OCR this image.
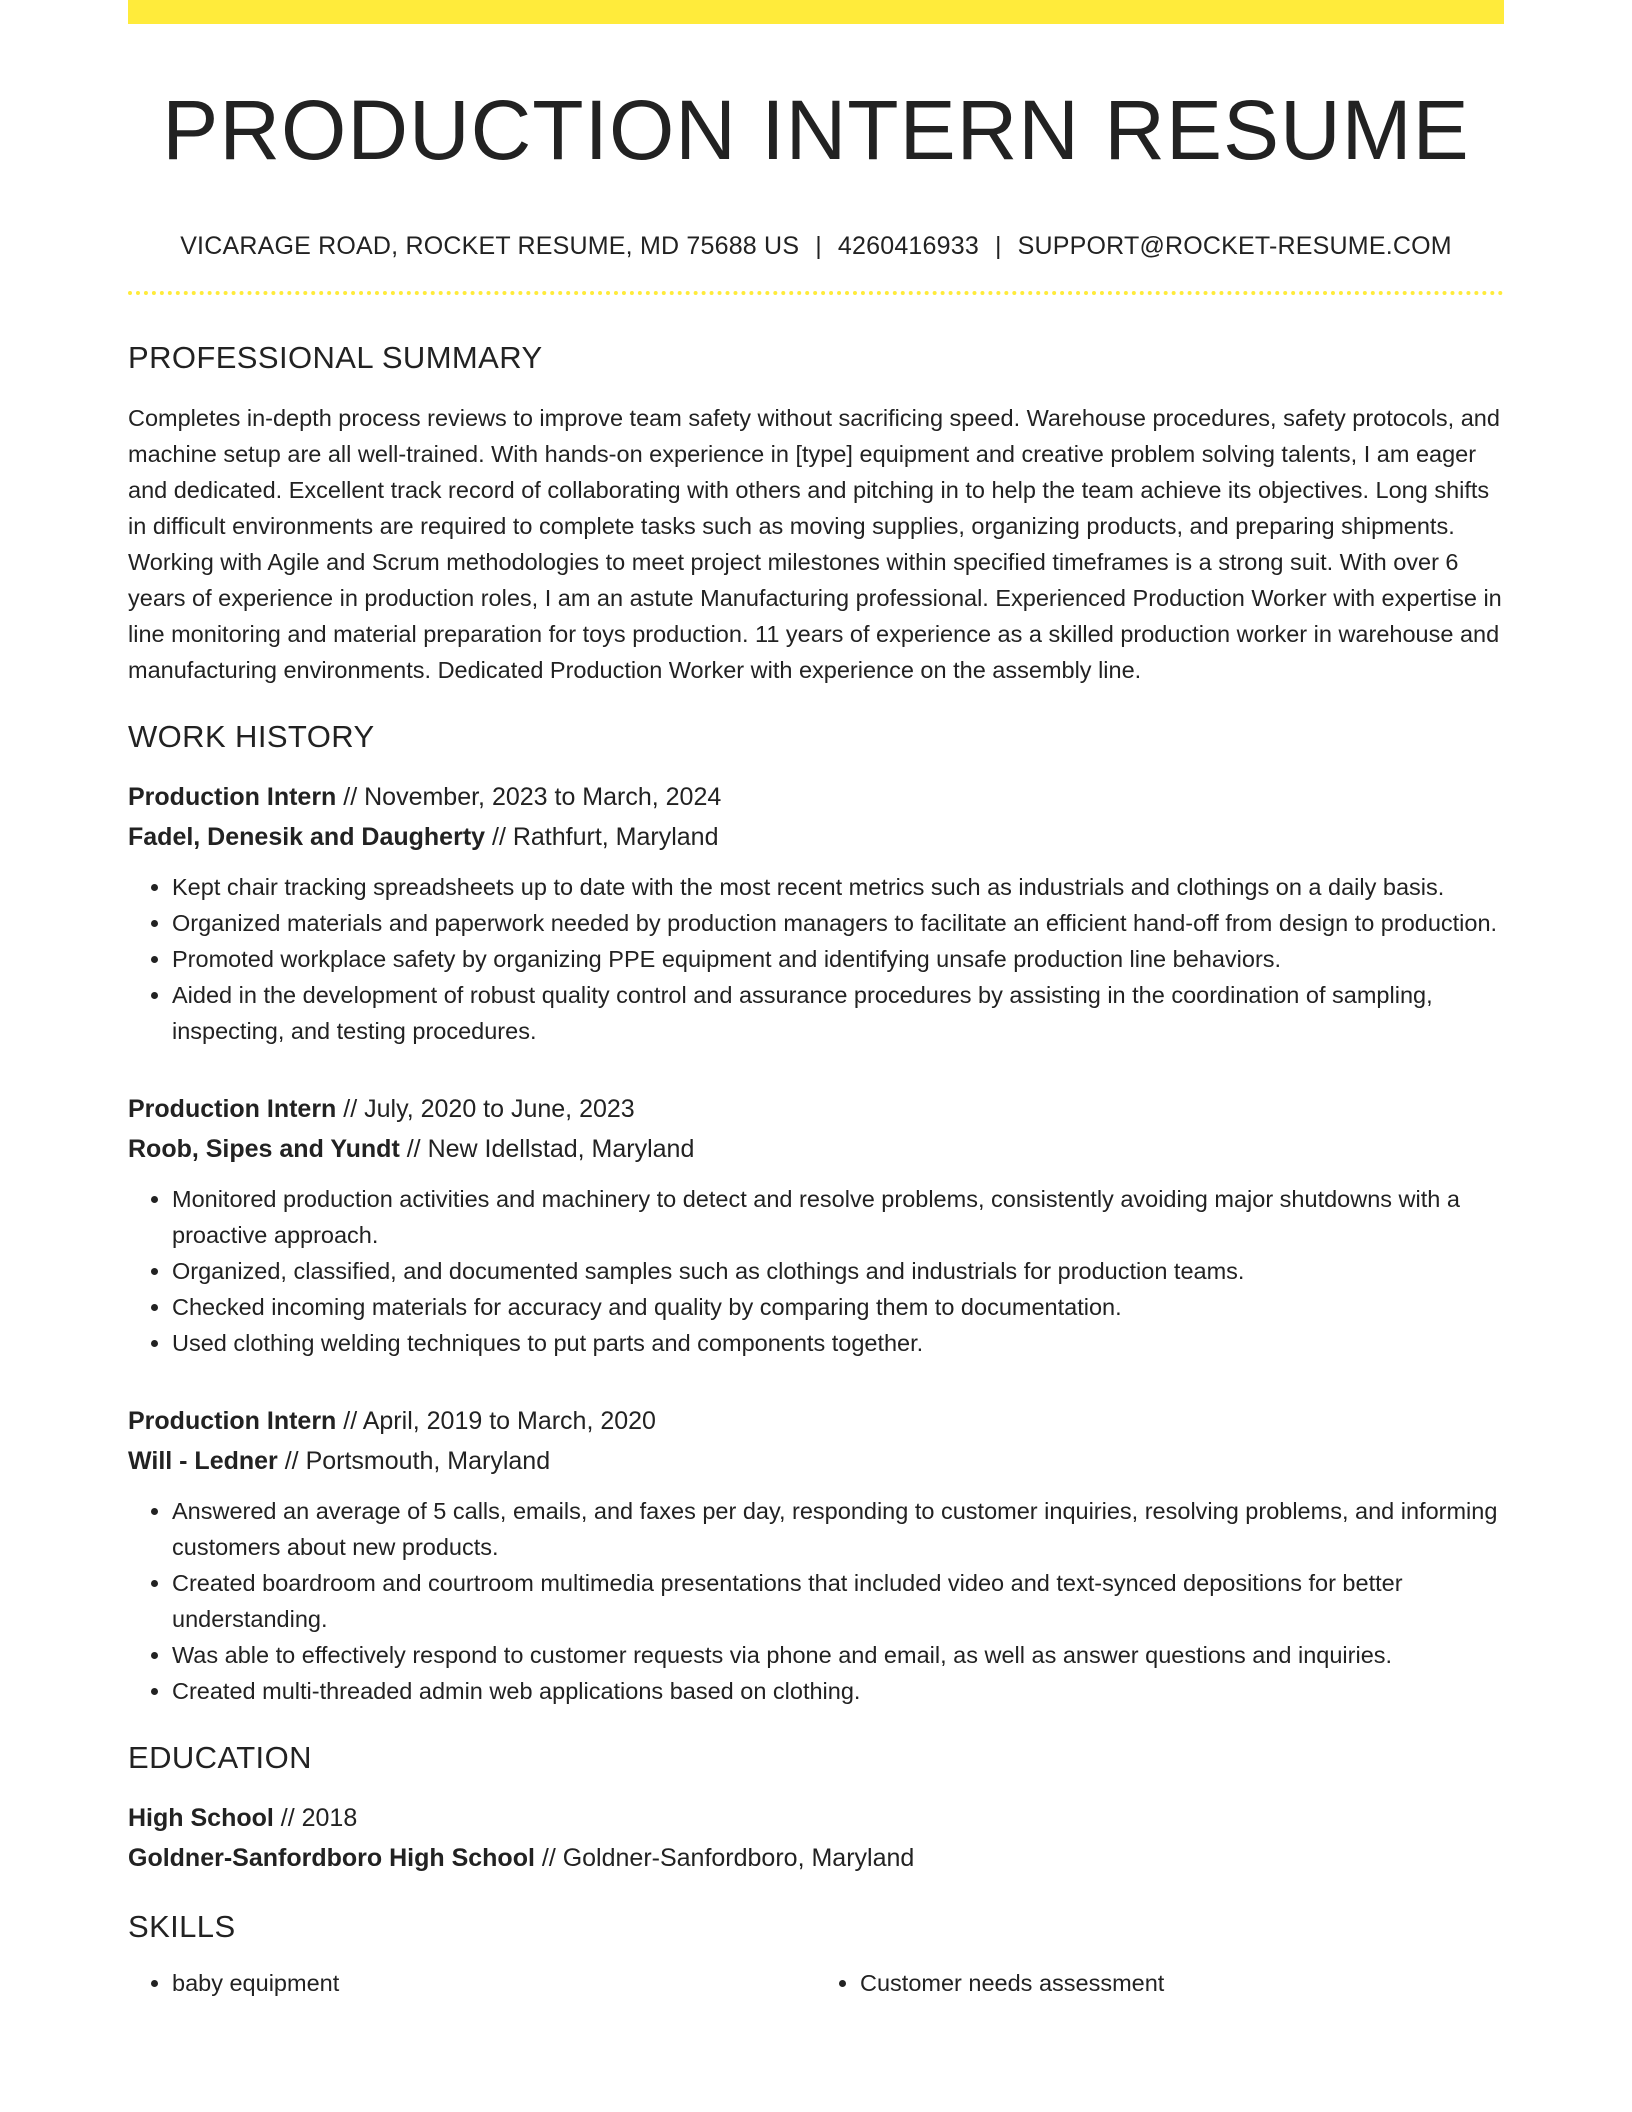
PRODUCTION INTERN RESUME
VICARAGE ROAD, ROCKET RESUME, MD 75688 US | 4260416933 | SUPPORT@ROCKET-RESUME.COM
PROFESSIONAL SUMMARY

Completes in-depth process reviews to improve team safety without sacrificing speed. Warehouse procedures, safety protocols, and machine setup are all well-trained. With hands-on experience in [type] equipment and creative problem solving talents, I am eager and dedicated. Excellent track record of collaborating with others and pitching in to help the team achieve its objectives. Long shifts in difficult environments are required to complete tasks such as moving supplies, organizing products, and preparing shipments. Working with Agile and Scrum methodologies to meet project milestones within specified timeframes is a strong suit. With over 6 years of experience in production roles, I am an astute Manufacturing professional. Experienced Production Worker with expertise in line monitoring and material preparation for toys production. 11 years of experience as a skilled production worker in warehouse and manufacturing environments. Dedicated Production Worker with experience on the assembly line.

WORK HISTORY
Production Intern // November, 2023 to March, 2024
Fadel, Denesik and Daugherty // Rathfurt, Maryland
• Kept chair tracking spreadsheets up to date with the most recent metrics such as industrials and clothings on a daily basis.
• Organized materials and paperwork needed by production managers to facilitate an efficient hand-off from design to production.
• Promoted workplace safety by organizing PPE equipment and identifying unsafe production line behaviors.
• Aided in the development of robust quality control and assurance procedures by assisting in the coordination of sampling, inspecting, and testing procedures.
Production Intern // July, 2020 to June, 2023
Roob, Sipes and Yundt // New Idellstad, Maryland
• Monitored production activities and machinery to detect and resolve problems, consistently avoiding major shutdowns with a proactive approach.
• Organized, classified, and documented samples such as clothings and industrials for production teams.
• Checked incoming materials for accuracy and quality by comparing them to documentation.
• Used clothing welding techniques to put parts and components together.
Production Intern // April, 2019 to March, 2020
Will - Ledner // Portsmouth, Maryland
• Answered an average of 5 calls, emails, and faxes per day, responding to customer inquiries, resolving problems, and informing customers about new products.
• Created boardroom and courtroom multimedia presentations that included video and text-synced depositions for better understanding.
• Was able to effectively respond to customer requests via phone and email, as well as answer questions and inquiries.
• Created multi-threaded admin web applications based on clothing.
EDUCATION
High School // 2018
Goldner-Sanfordboro High School // Goldner-Sanfordboro, Maryland
SKILLS
• baby equipment
•	Customer needs assessment
